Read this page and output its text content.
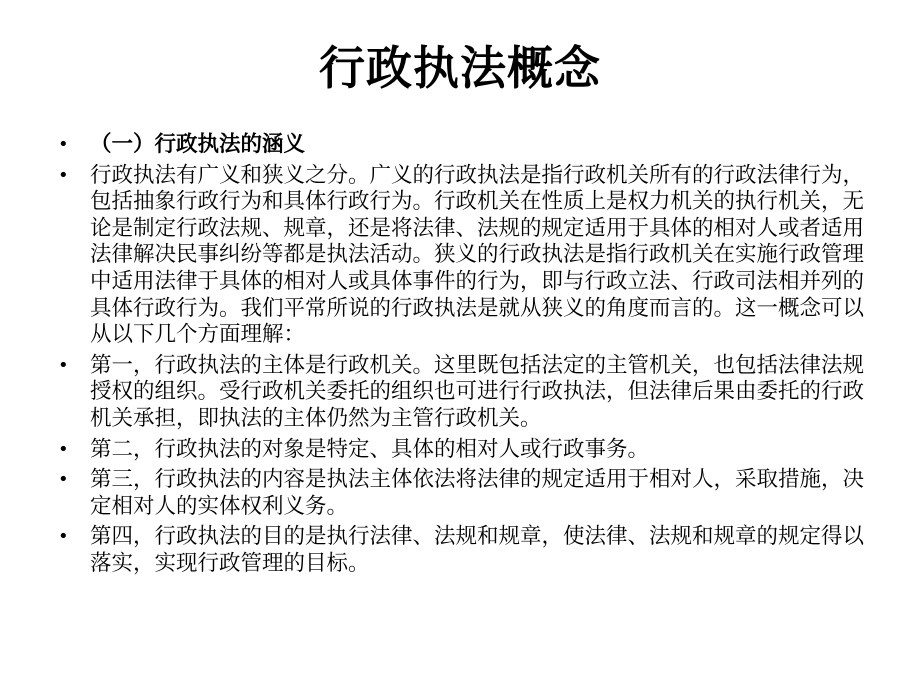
行政执法概念
• （一）行政执法的涵义
• 行政执法有广义和狭义之分。广义的行政执法是指行政机关所有的行政法律行为，包括抽象行政行为和具体行政行为。行政机关在性质上是权力机关的执行机关，无论是制定行政法规、规章，还是将法律、法规的规定适用于具体的相对人或者适用法律解决民事纠纷等都是执法活动。狭义的行政执法是指行政机关在实施行政管理中适用法律于具体的相对人或具体事件的行为，即与行政立法、行政司法相并列的具体行政行为。我们平常所说的行政执法是就从狭义的角度而言的。这一概念可以从以下几个方面理解：
• 第一，行政执法的主体是行政机关。这里既包括法定的主管机关，也包括法律法规授权的组织。受行政机关委托的组织也可进行行政执法，但法律后果由委托的行政机关承担，即执法的主体仍然为主管行政机关。
• 第二，行政执法的对象是特定、具体的相对人或行政事务。
• 第三，行政执法的内容是执法主体依法将法律的规定适用于相对人，采取措施，决定相对人的实体权利义务。
• 第四，行政执法的目的是执行法律、法规和规章，使法律、法规和规章的规定得以落实，实现行政管理的目标。
